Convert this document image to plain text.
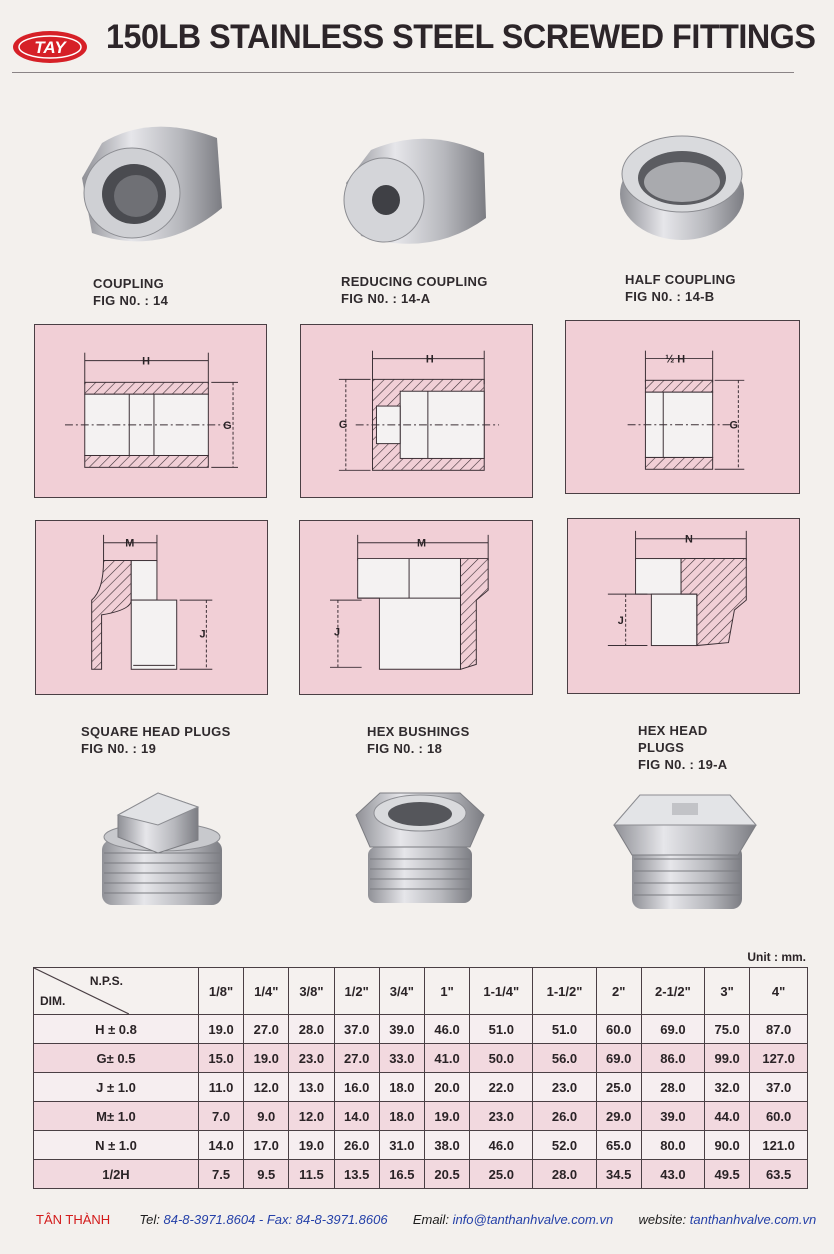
TAY 150LB STAINLESS STEEL SCREWED FITTINGS
COUPLING
FIG N0. : 14
REDUCING COUPLING
FIG N0. : 14-A
HALF COUPLING
FIG N0. : 14-B
H
G
H
G
½ H
G
M
J
M
J
N
J
SQUARE HEAD PLUGS
FIG N0. : 19
HEX BUSHINGS
FIG N0. : 18
HEX HEAD
PLUGS
FIG N0. : 19-A
Unit : mm.
N.P.S.
DIM.	1/8"	1/4"	3/8"	1/2"	3/4"	1"	1-1/4"	1-1/2"	2"	2-1/2"	3"	4"
H ± 0.8	19.0	27.0	28.0	37.0	39.0	46.0	51.0	51.0	60.0	69.0	75.0	87.0
G± 0.5	15.0	19.0	23.0	27.0	33.0	41.0	50.0	56.0	69.0	86.0	99.0	127.0
J ± 1.0	11.0	12.0	13.0	16.0	18.0	20.0	22.0	23.0	25.0	28.0	32.0	37.0
M± 1.0	7.0	9.0	12.0	14.0	18.0	19.0	23.0	26.0	29.0	39.0	44.0	60.0
N ± 1.0	14.0	17.0	19.0	26.0	31.0	38.0	46.0	52.0	65.0	80.0	90.0	121.0
1/2H	7.5	9.5	11.5	13.5	16.5	20.5	25.0	28.0	34.5	43.0	49.5	63.5
TÂN THÀNH Tel: 84-8-3971.8604 - Fax: 84-8-3971.8606 Email: info@tanthanhvalve.com.vn website: tanthanhvalve.com.vn
